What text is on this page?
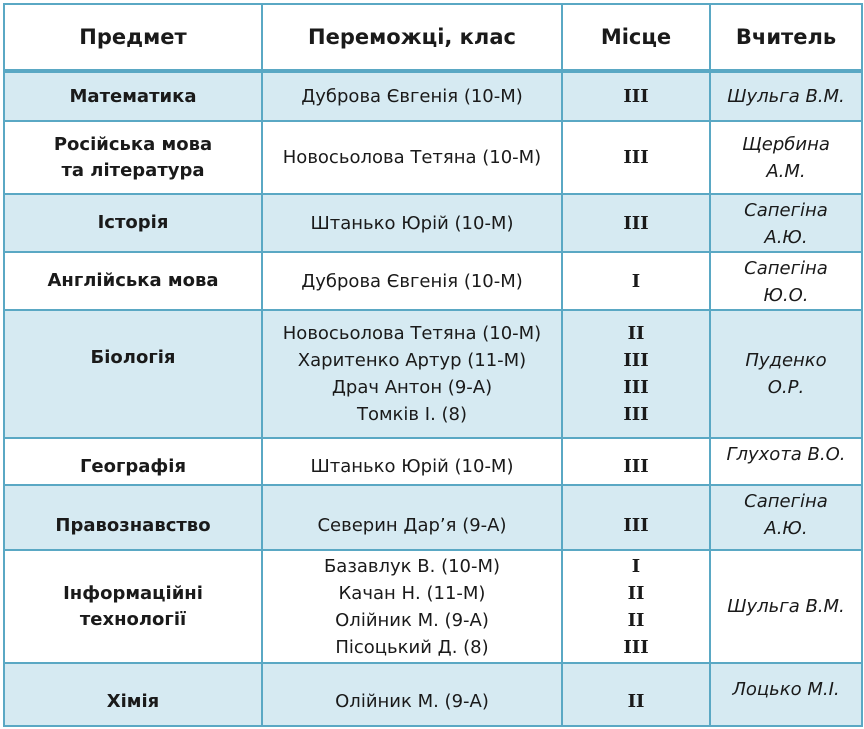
Предмет	Переможці, клас	Місце	Вчитель

Математика	Дуброва Євгенія (10-М)	III	Шульга В.М.

Російська мова
та література	Новосьолова Тетяна (10-М)	III	Щербина
А.М.

Історія	Штанько Юрій (10-М)	III	Сапегіна
А.Ю.

Англійська мова	Дуброва Євгенія (10-М)	I	Сапегіна
Ю.О.

Біологія	Новосьолова Тетяна (10-М)
Харитенко Артур (11-М)
Драч Антон (9-А)
Томків І. (8)	II
III
III
III	Пуденко
О.Р.

Географія	Штанько Юрій (10-М)	III	Глухота В.О.

Правознавство	Северин Дар’я (9-А)	III	Сапегіна
А.Ю.

Інформаційні
технології	Базавлук В. (10-М)
Качан Н. (11-М)
Олійник М. (9-А)
Пісоцький Д. (8)	I
II
II
III	Шульга В.М.

Хімія	Олійник М. (9-А)	II	Лоцько М.І.
